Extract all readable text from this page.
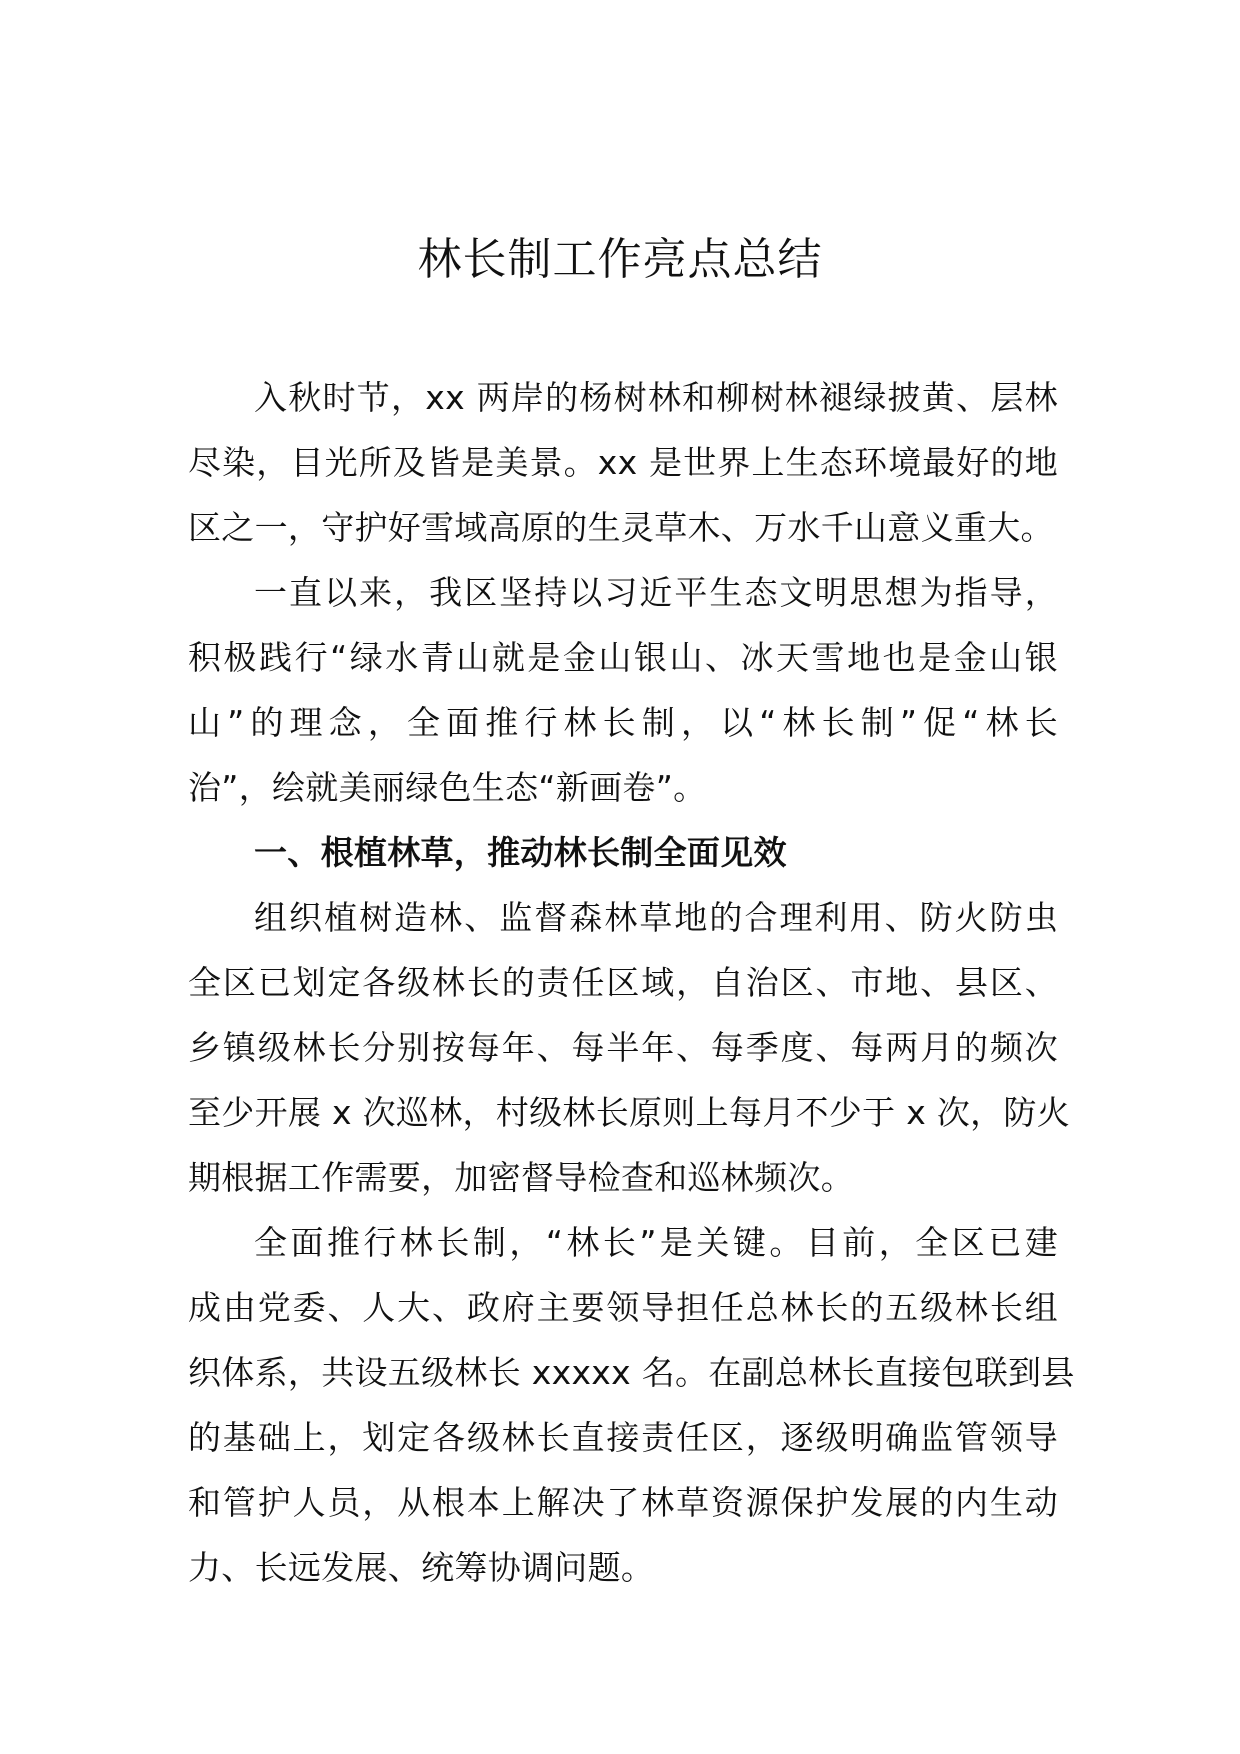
林长制工作亮点总结

入秋时节，xx 两岸的杨树林和柳树林褪绿披黄、层林
尽染，目光所及皆是美景。xx 是世界上生态环境最好的地
区之一，守护好雪域高原的生灵草木、万水千山意义重大。

一直以来，我区坚持以习近平生态文明思想为指导，
积极践行“绿水青山就是金山银山、冰天雪地也是金山银
山”的理念，全面推行林长制，以“林长制”促“林长
治”，绘就美丽绿色生态“新画卷”。

一、根植林草，推动林长制全面见效

组织植树造林、监督森林草地的合理利用、防火防虫
全区已划定各级林长的责任区域，自治区、市地、县区、
乡镇级林长分别按每年、每半年、每季度、每两月的频次
至少开展 x 次巡林，村级林长原则上每月不少于 x 次，防火
期根据工作需要，加密督导检查和巡林频次。

全面推行林长制，“林长”是关键。目前，全区已建
成由党委、人大、政府主要领导担任总林长的五级林长组
织体系，共设五级林长 xxxxx 名。在副总林长直接包联到县
的基础上，划定各级林长直接责任区，逐级明确监管领导
和管护人员，从根本上解决了林草资源保护发展的内生动
力、长远发展、统筹协调问题。
